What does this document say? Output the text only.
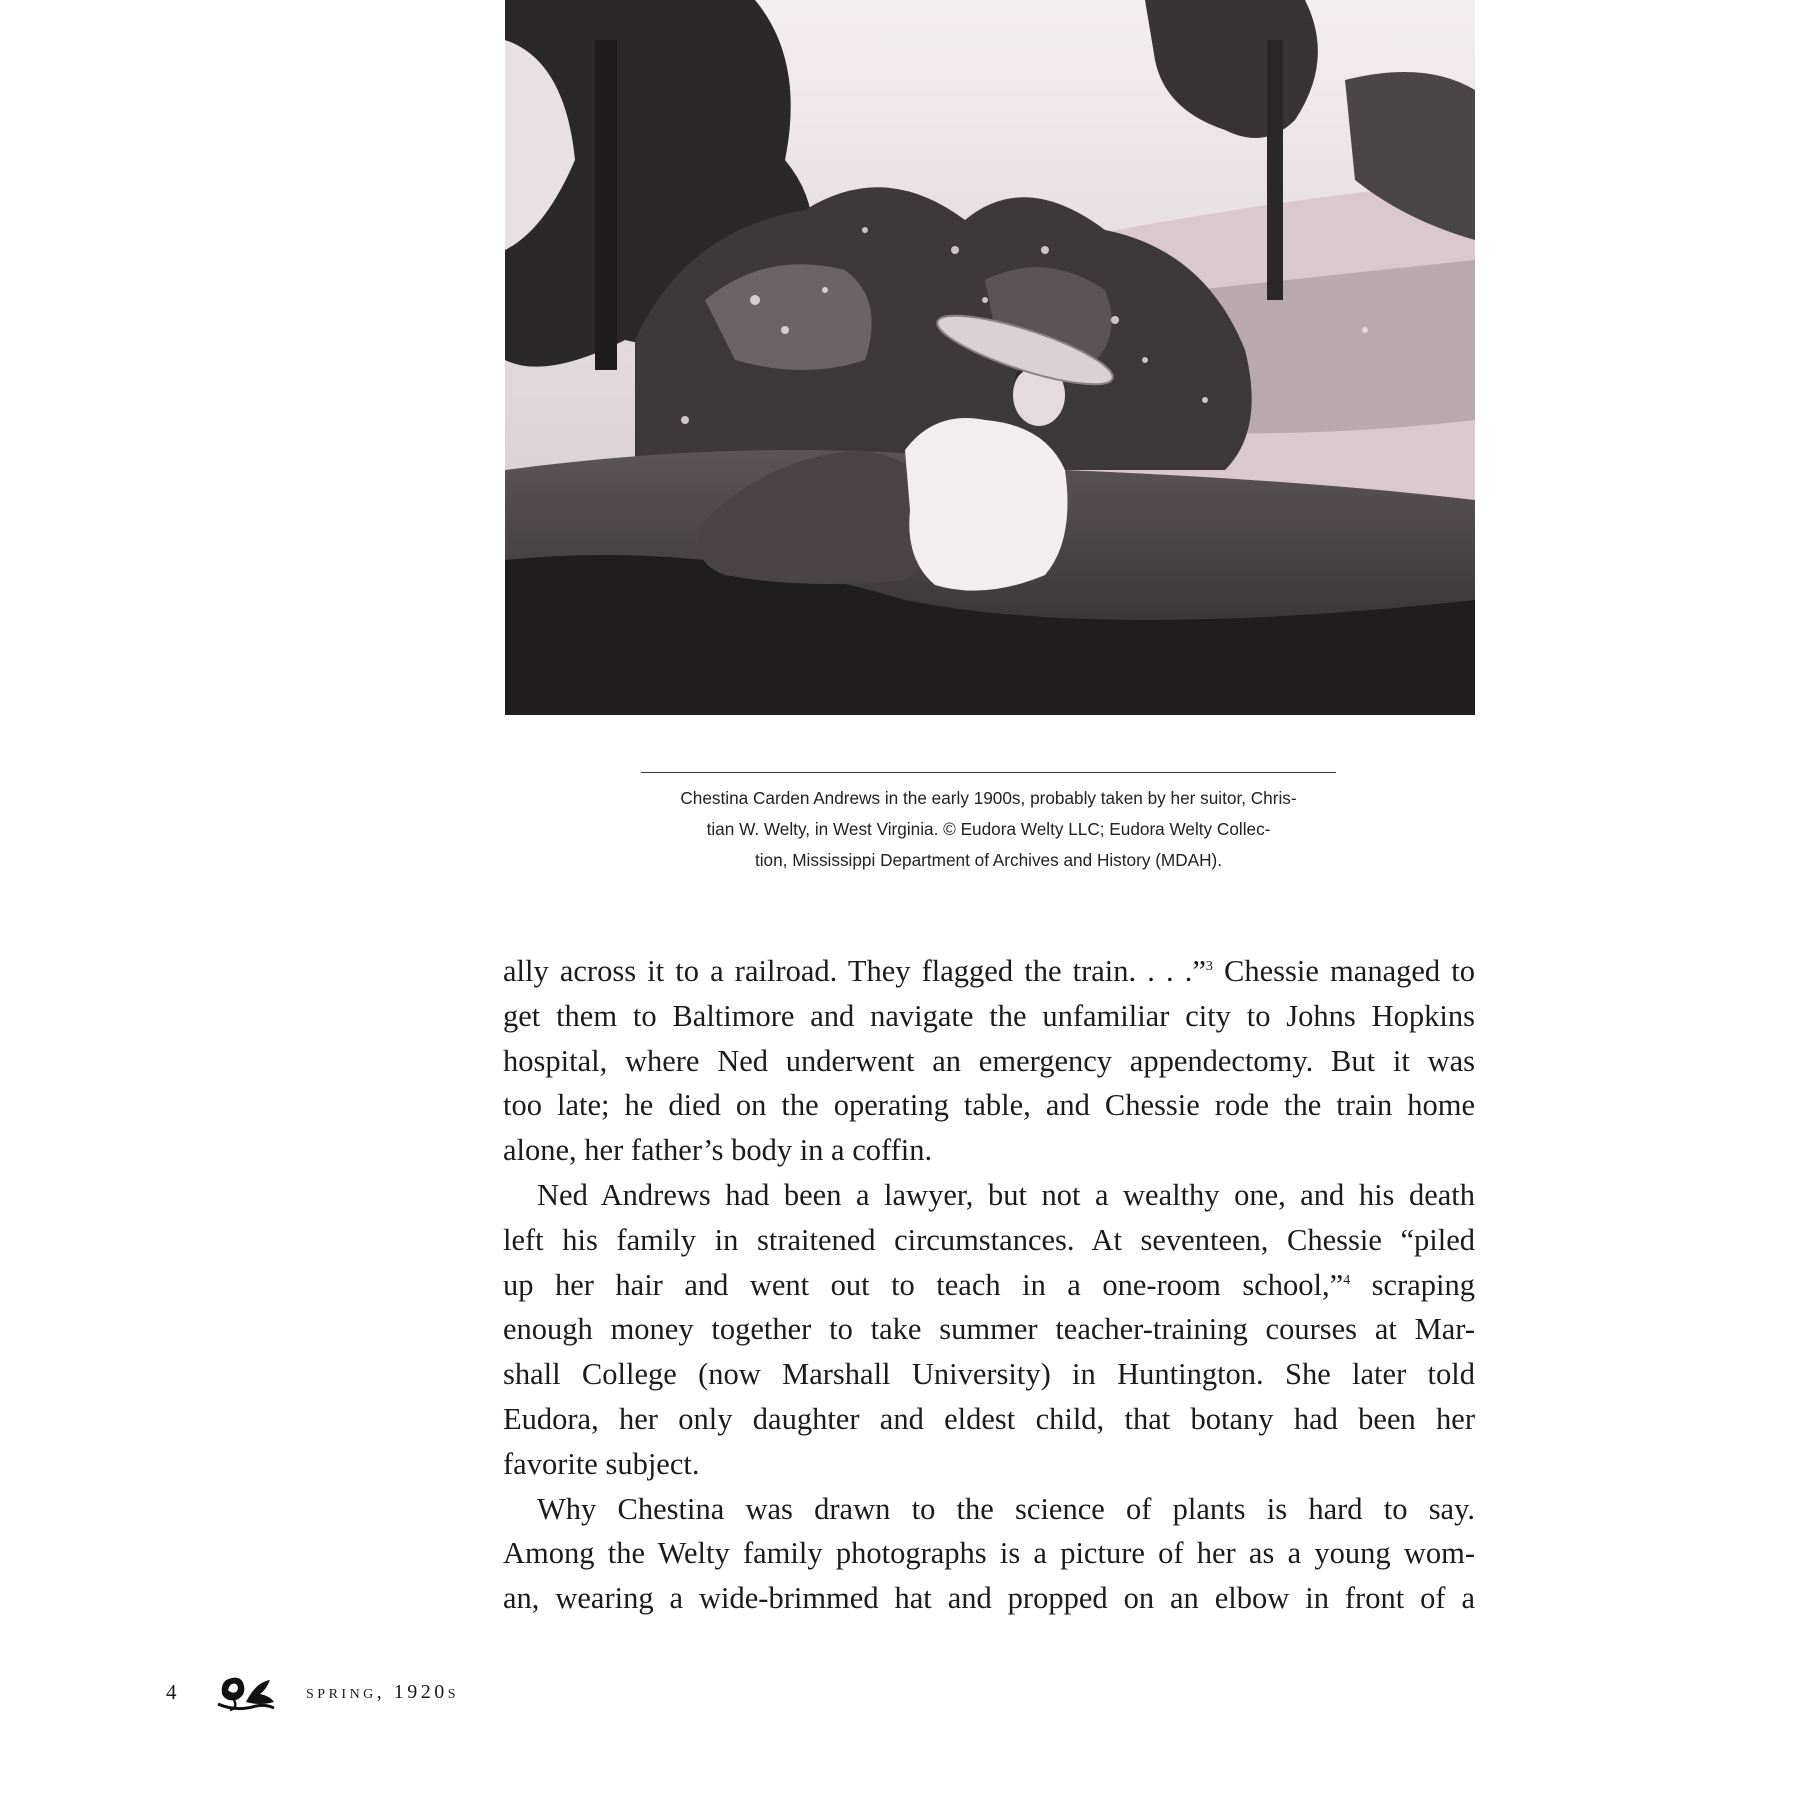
Chestina Carden Andrews in the early 1900s, probably taken by her suitor, Chris-
tian W. Welty, in West Virginia. © Eudora Welty LLC; Eudora Welty Collec-
tion, Mississippi Department of Archives and History (MDAH).
ally across it to a railroad. They flagged the train. . . .”$^3$ Chessie managed to
get them to Baltimore and navigate the unfamiliar city to Johns Hopkins
hospital, where Ned underwent an emergency appendectomy. But it was
too late; he died on the operating table, and Chessie rode the train home
alone, her father’s body in a coffin.
Ned Andrews had been a lawyer, but not a wealthy one, and his death
left his family in straitened circumstances. At seventeen, Chessie “piled
up her hair and went out to teach in a one-room school,”$^4$ scraping
enough money together to take summer teacher-training courses at Mar-
shall College (now Marshall University) in Huntington. She later told
Eudora, her only daughter and eldest child, that botany had been her
favorite subject.
Why Chestina was drawn to the science of plants is hard to say.
Among the Welty family photographs is a picture of her as a young wom-
an, wearing a wide-brimmed hat and propped on an elbow in front of a
4	spring, 1920s
